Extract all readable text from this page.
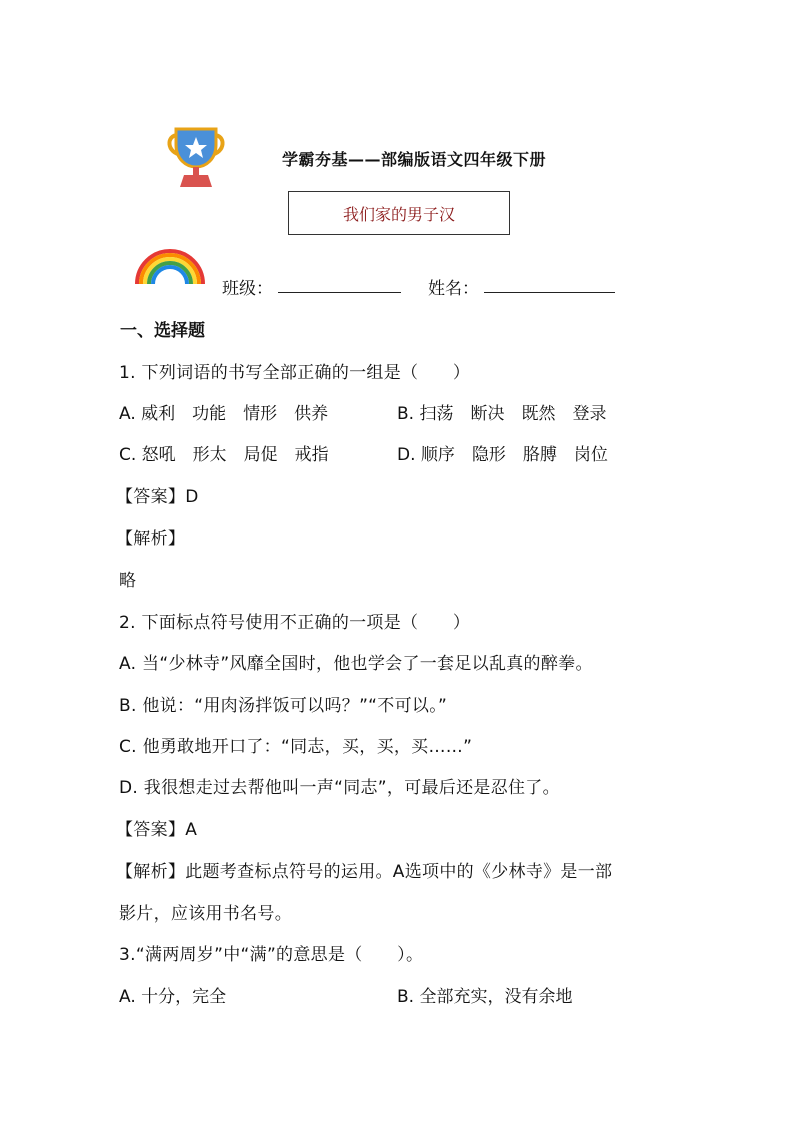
学霸夯基——部编版语文四年级下册
我们家的男子汉
班级：	姓名：
一、选择题
1. 下列词语的书写全部正确的一组是（　　）
A. 威利　功能　情形　供养	B. 扫荡　断决　既然　登录
C. 怒吼　形太　局促　戒指	D. 顺序　隐形　胳膊　岗位
【答案】D
【解析】
略
2. 下面标点符号使用不正确的一项是（　　）
A. 当“少林寺”风靡全国时，他也学会了一套足以乱真的醉拳。
B. 他说：“用肉汤拌饭可以吗？”“不可以。”
C. 他勇敢地开口了：“同志，买，买，买……”
D. 我很想走过去帮他叫一声“同志”，可最后还是忍住了。
【答案】A
【解析】此题考查标点符号的运用。A选项中的《少林寺》是一部
影片，应该用书名号。
3.“满两周岁”中“满”的意思是（　　）。
A. 十分，完全	B. 全部充实，没有余地
